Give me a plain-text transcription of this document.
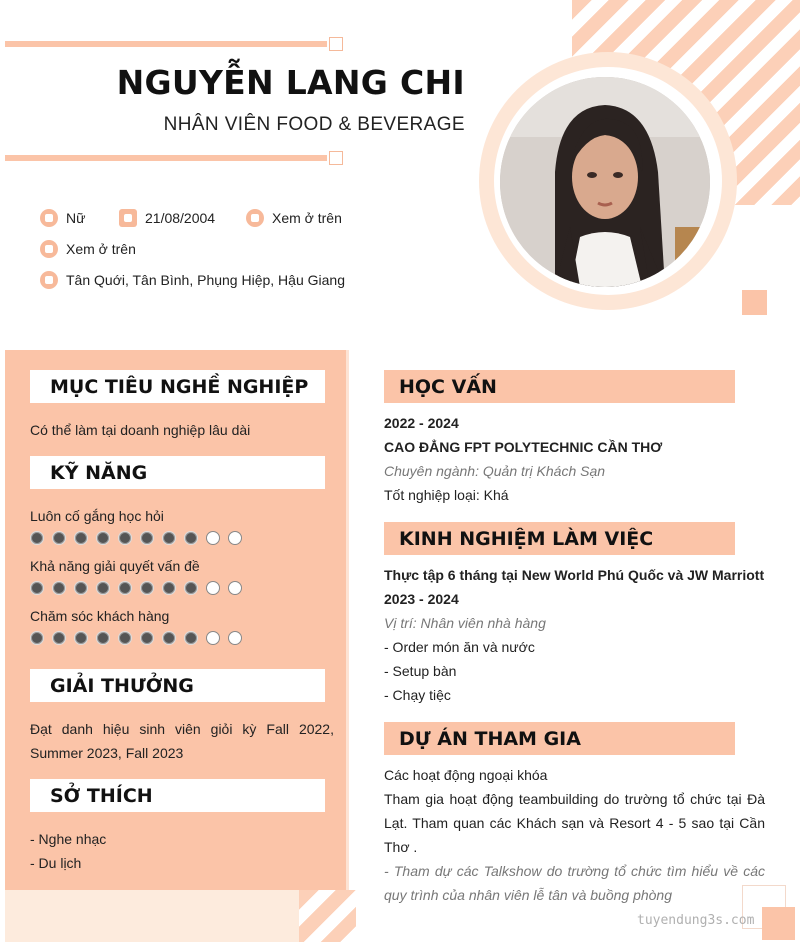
NGUYỄN LANG CHI
NHÂN VIÊN FOOD & BEVERAGE
Nữ	21/08/2004	Xem ở trên
Xem ở trên
Tân Quới, Tân Bình, Phụng Hiệp, Hậu Giang
MỤC TIÊU NGHỀ NGHIỆP
Có thể làm tại doanh nghiệp lâu dài
KỸ NĂNG
Luôn cố gắng học hỏi
Khả năng giải quyết vấn đề
Chăm sóc khách hàng
GIẢI THƯỞNG
Đạt danh hiệu sinh viên giỏi kỳ Fall 2022, Summer 2023, Fall 2023
SỞ THÍCH
- Nghe nhạc
- Du lịch
HỌC VẤN
2022 - 2024
CAO ĐẲNG FPT POLYTECHNIC CẦN THƠ
Chuyên ngành: Quản trị Khách Sạn
Tốt nghiệp loại: Khá
KINH NGHIỆM LÀM VIỆC
Thực tập 6 tháng tại New World Phú Quốc và JW Marriott
2023 - 2024
Vị trí: Nhân viên nhà hàng
- Order món ăn và nước
- Setup bàn
- Chạy tiệc
DỰ ÁN THAM GIA
Các hoạt động ngoại khóa
Tham gia hoạt động teambuilding do trường tổ chức tại Đà Lạt. Tham quan các Khách sạn và Resort 4 - 5 sao tại Cần Thơ .
- Tham dự các Talkshow do trường tổ chức tìm hiểu về các quy trình của nhân viên lễ tân và buồng phòng
tuyendung3s.com
